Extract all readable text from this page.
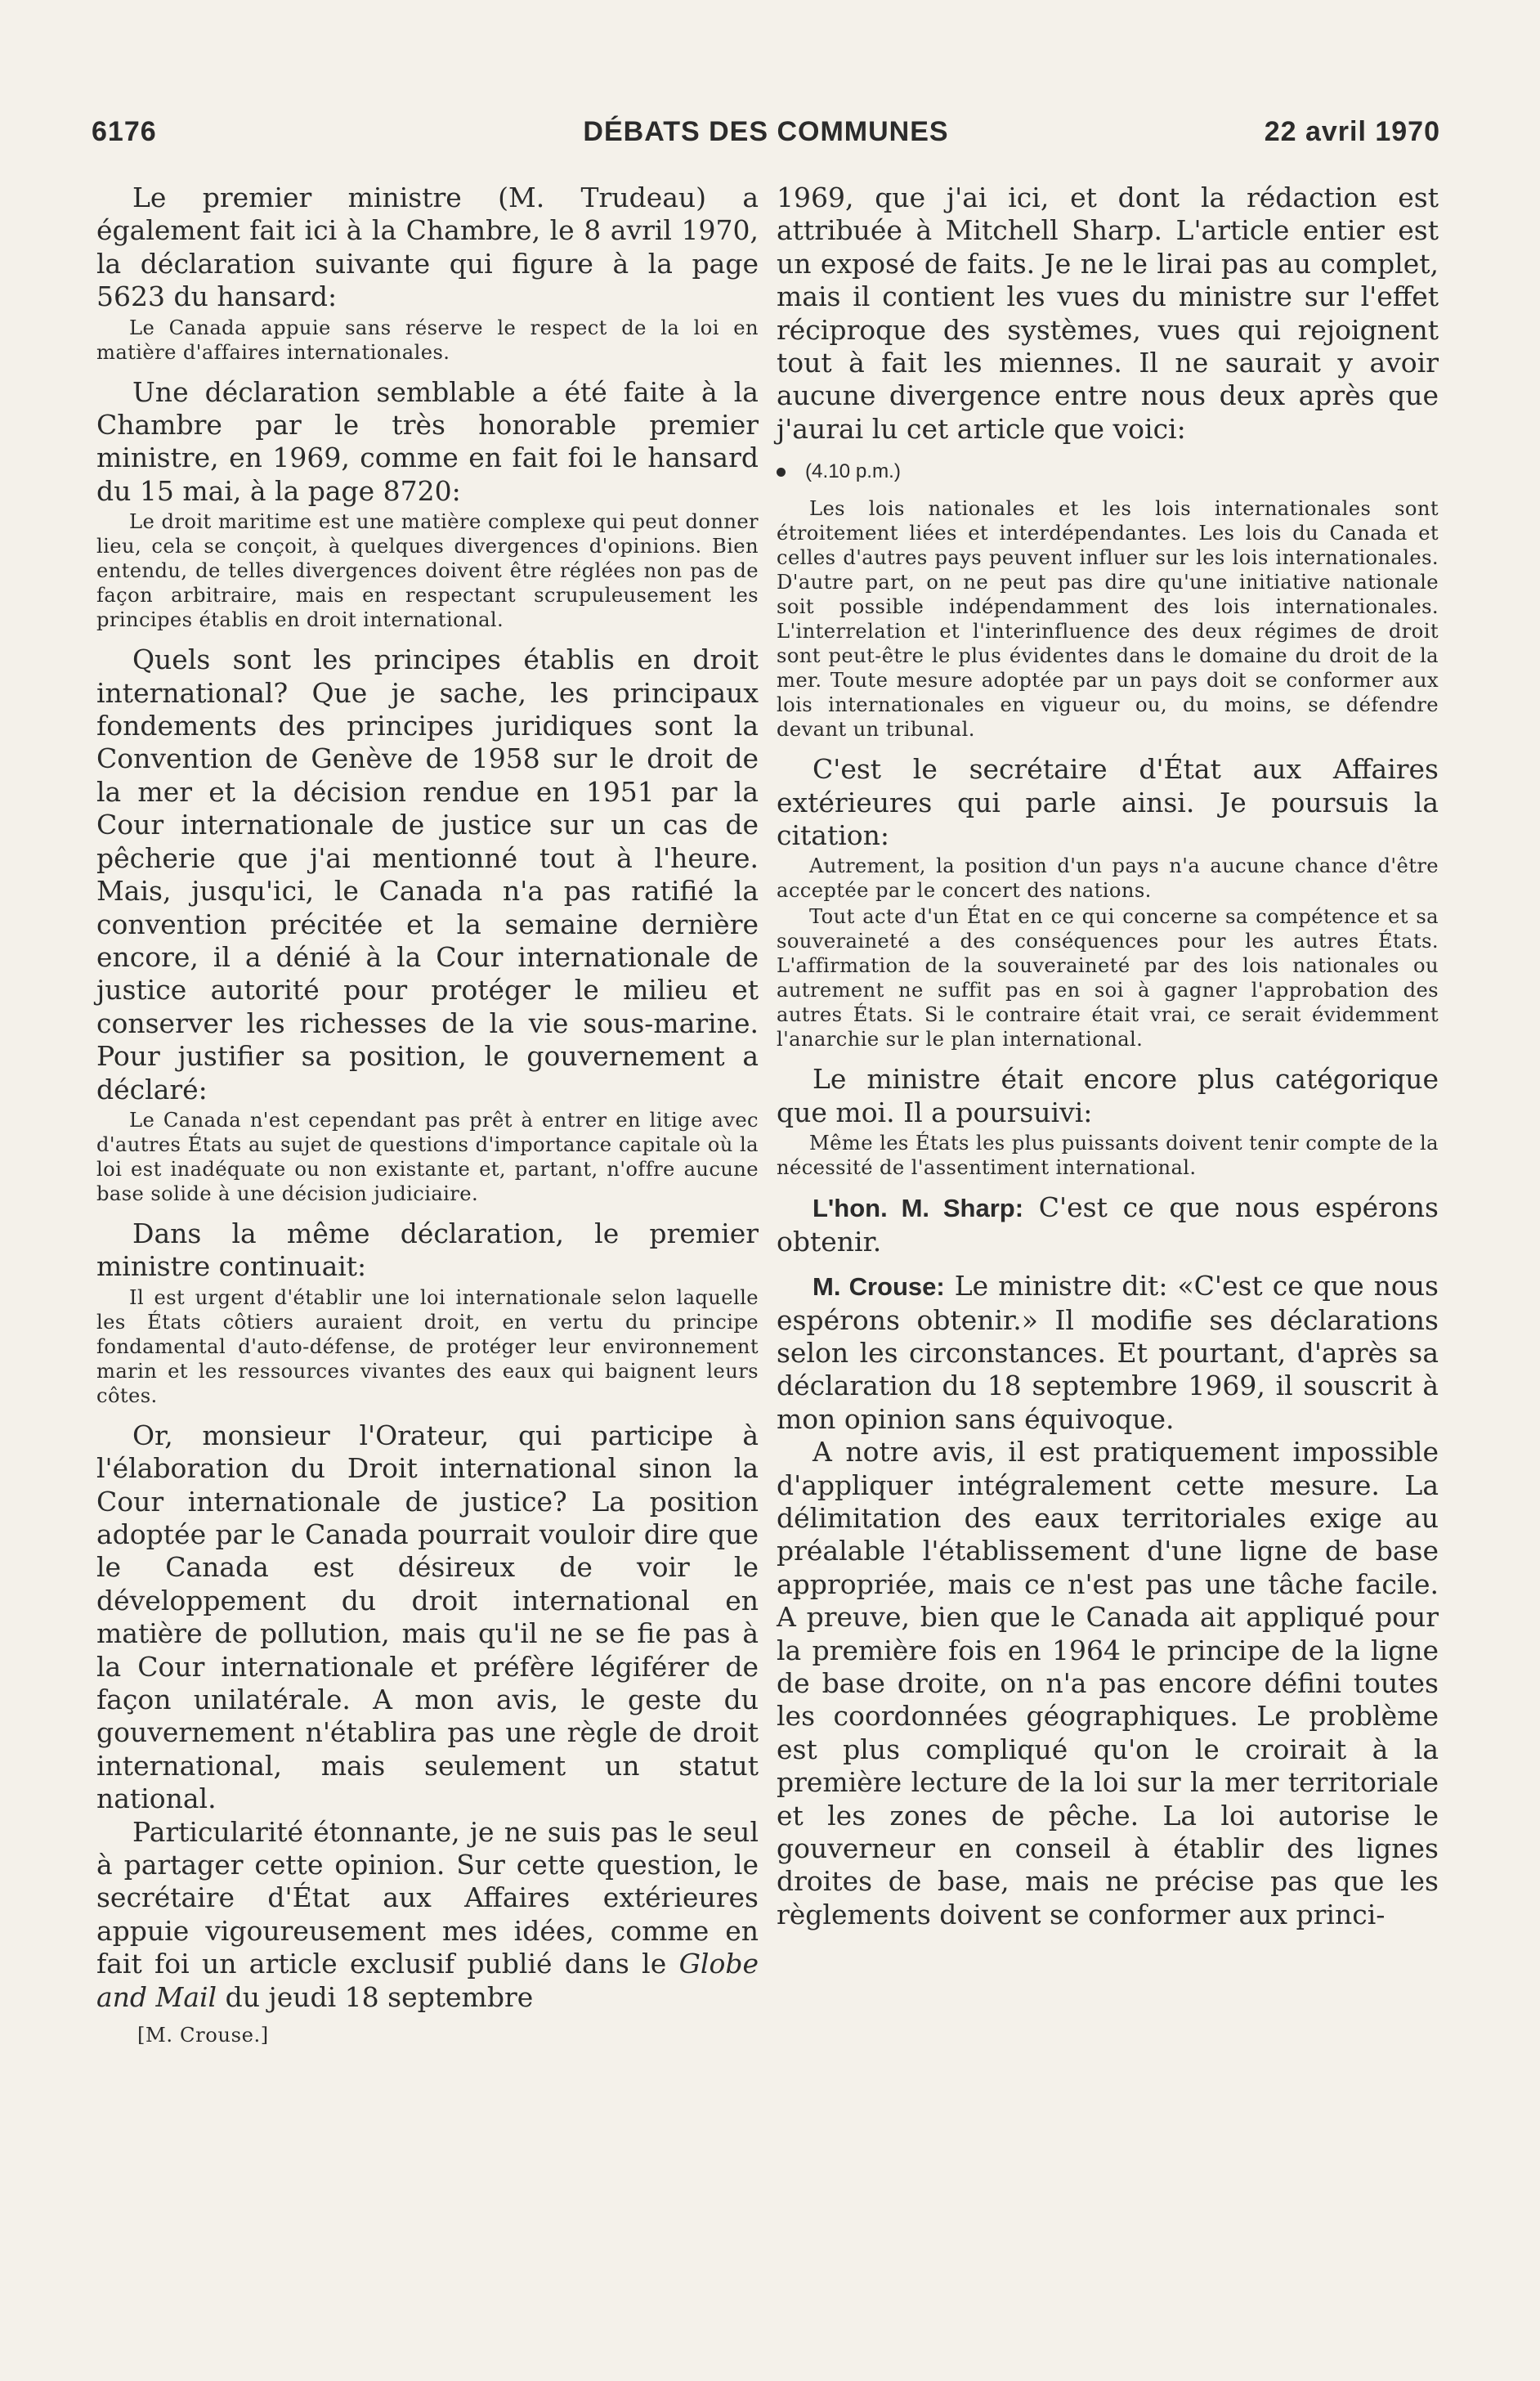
6176	DÉBATS DES COMMUNES	22 avril 1970

Le premier ministre (M. Trudeau) a également fait ici à la Chambre, le 8 avril 1970, la déclaration suivante qui figure à la page 5623 du hansard:

Le Canada appuie sans réserve le respect de la loi en matière d'affaires internationales.

Une déclaration semblable a été faite à la Chambre par le très honorable premier ministre, en 1969, comme en fait foi le hansard du 15 mai, à la page 8720:

Le droit maritime est une matière complexe qui peut donner lieu, cela se conçoit, à quelques divergences d'opinions. Bien entendu, de telles divergences doivent être réglées non pas de façon arbitraire, mais en respectant scrupuleusement les principes établis en droit international.

Quels sont les principes établis en droit international? Que je sache, les principaux fondements des principes juridiques sont la Convention de Genève de 1958 sur le droit de la mer et la décision rendue en 1951 par la Cour internationale de justice sur un cas de pêcherie que j'ai mentionné tout à l'heure. Mais, jusqu'ici, le Canada n'a pas ratifié la convention précitée et la semaine dernière encore, il a dénié à la Cour internationale de justice autorité pour protéger le milieu et conserver les richesses de la vie sous-marine. Pour justifier sa position, le gouvernement a déclaré:

Le Canada n'est cependant pas prêt à entrer en litige avec d'autres États au sujet de questions d'importance capitale où la loi est inadéquate ou non existante et, partant, n'offre aucune base solide à une décision judiciaire.

Dans la même déclaration, le premier ministre continuait:

Il est urgent d'établir une loi internationale selon laquelle les États côtiers auraient droit, en vertu du principe fondamental d'auto-défense, de protéger leur environnement marin et les ressources vivantes des eaux qui baignent leurs côtes.

Or, monsieur l'Orateur, qui participe à l'élaboration du Droit international sinon la Cour internationale de justice? La position adoptée par le Canada pourrait vouloir dire que le Canada est désireux de voir le développement du droit international en matière de pollution, mais qu'il ne se fie pas à la Cour internationale et préfère légiférer de façon unilatérale. A mon avis, le geste du gouvernement n'établira pas une règle de droit international, mais seulement un statut national.

Particularité étonnante, je ne suis pas le seul à partager cette opinion. Sur cette question, le secrétaire d'État aux Affaires extérieures appuie vigoureusement mes idées, comme en fait foi un article exclusif publié dans le Globe and Mail du jeudi 18 septembre

[M. Crouse.]

1969, que j'ai ici, et dont la rédaction est attribuée à Mitchell Sharp. L'article entier est un exposé de faits. Je ne le lirai pas au complet, mais il contient les vues du ministre sur l'effet réciproque des systèmes, vues qui rejoignent tout à fait les miennes. Il ne saurait y avoir aucune divergence entre nous deux après que j'aurai lu cet article que voici:

(4.10 p.m.)

Les lois nationales et les lois internationales sont étroitement liées et interdépendantes. Les lois du Canada et celles d'autres pays peuvent influer sur les lois internationales. D'autre part, on ne peut pas dire qu'une initiative nationale soit possible indépendamment des lois internationales. L'interrelation et l'interinfluence des deux régimes de droit sont peut-être le plus évidentes dans le domaine du droit de la mer. Toute mesure adoptée par un pays doit se conformer aux lois internationales en vigueur ou, du moins, se défendre devant un tribunal.

C'est le secrétaire d'État aux Affaires extérieures qui parle ainsi. Je poursuis la citation:

Autrement, la position d'un pays n'a aucune chance d'être acceptée par le concert des nations.

Tout acte d'un État en ce qui concerne sa compétence et sa souveraineté a des conséquences pour les autres États. L'affirmation de la souveraineté par des lois nationales ou autrement ne suffit pas en soi à gagner l'approbation des autres États. Si le contraire était vrai, ce serait évidemment l'anarchie sur le plan international.

Le ministre était encore plus catégorique que moi. Il a poursuivi:

Même les États les plus puissants doivent tenir compte de la nécessité de l'assentiment international.

L'hon. M. Sharp: C'est ce que nous espérons obtenir.

M. Crouse: Le ministre dit: «C'est ce que nous espérons obtenir.» Il modifie ses déclarations selon les circonstances. Et pourtant, d'après sa déclaration du 18 septembre 1969, il souscrit à mon opinion sans équivoque.

A notre avis, il est pratiquement impossible d'appliquer intégralement cette mesure. La délimitation des eaux territoriales exige au préalable l'établissement d'une ligne de base appropriée, mais ce n'est pas une tâche facile. A preuve, bien que le Canada ait appliqué pour la première fois en 1964 le principe de la ligne de base droite, on n'a pas encore défini toutes les coordonnées géographiques. Le problème est plus compliqué qu'on le croirait à la première lecture de la loi sur la mer territoriale et les zones de pêche. La loi autorise le gouverneur en conseil à établir des lignes droites de base, mais ne précise pas que les règlements doivent se conformer aux princi-
